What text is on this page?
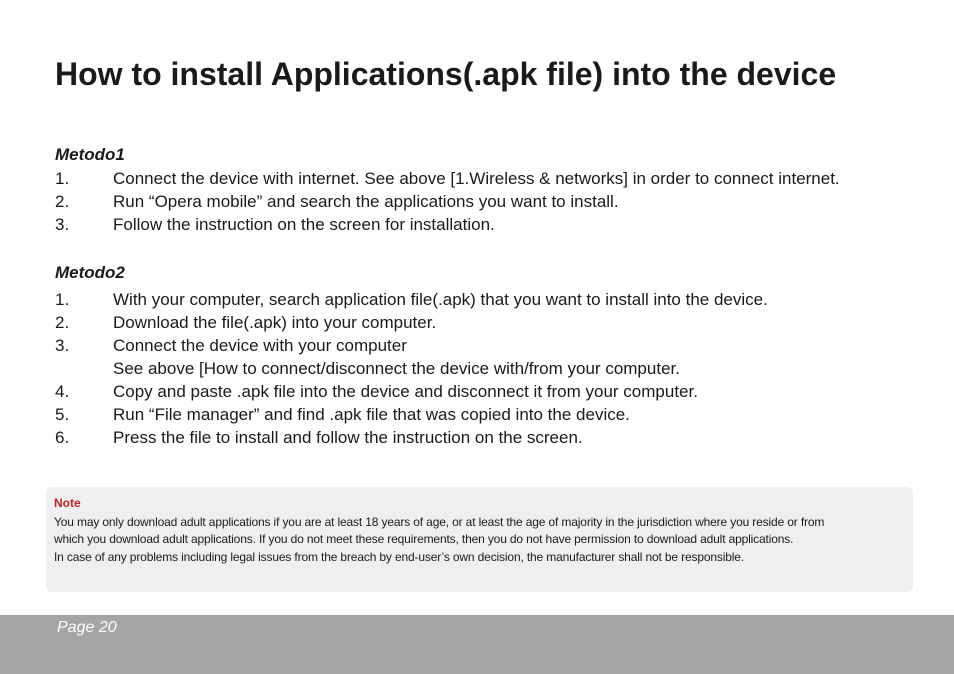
How to install Applications(.apk file) into the device
Metodo1
1.	Connect the device with internet. See above [1.Wireless & networks] in order to connect internet.
2.	Run “Opera mobile” and search the applications you want to install.
3.	Follow the instruction on the screen for installation.
Metodo2
1.	With your computer, search application file(.apk) that you want to install into the device.
2.	Download the file(.apk) into your computer.
3.	Connect the device with your computer
See above [How to connect/disconnect the device with/from your computer.
4.	Copy and paste .apk file into the device and disconnect it from your computer.
5.	Run “File manager” and find .apk file that was copied into the device.
6.	Press the file to install and follow the instruction on the screen.
Note
You may only download adult applications if you are at least 18 years of age, or at least the age of majority in the jurisdiction where you reside or from
which you download adult applications. If you do not meet these requirements, then you do not have permission to download adult applications.
In case of any problems including legal issues from the breach by end-user’s own decision, the manufacturer shall not be responsible.
Page 20
